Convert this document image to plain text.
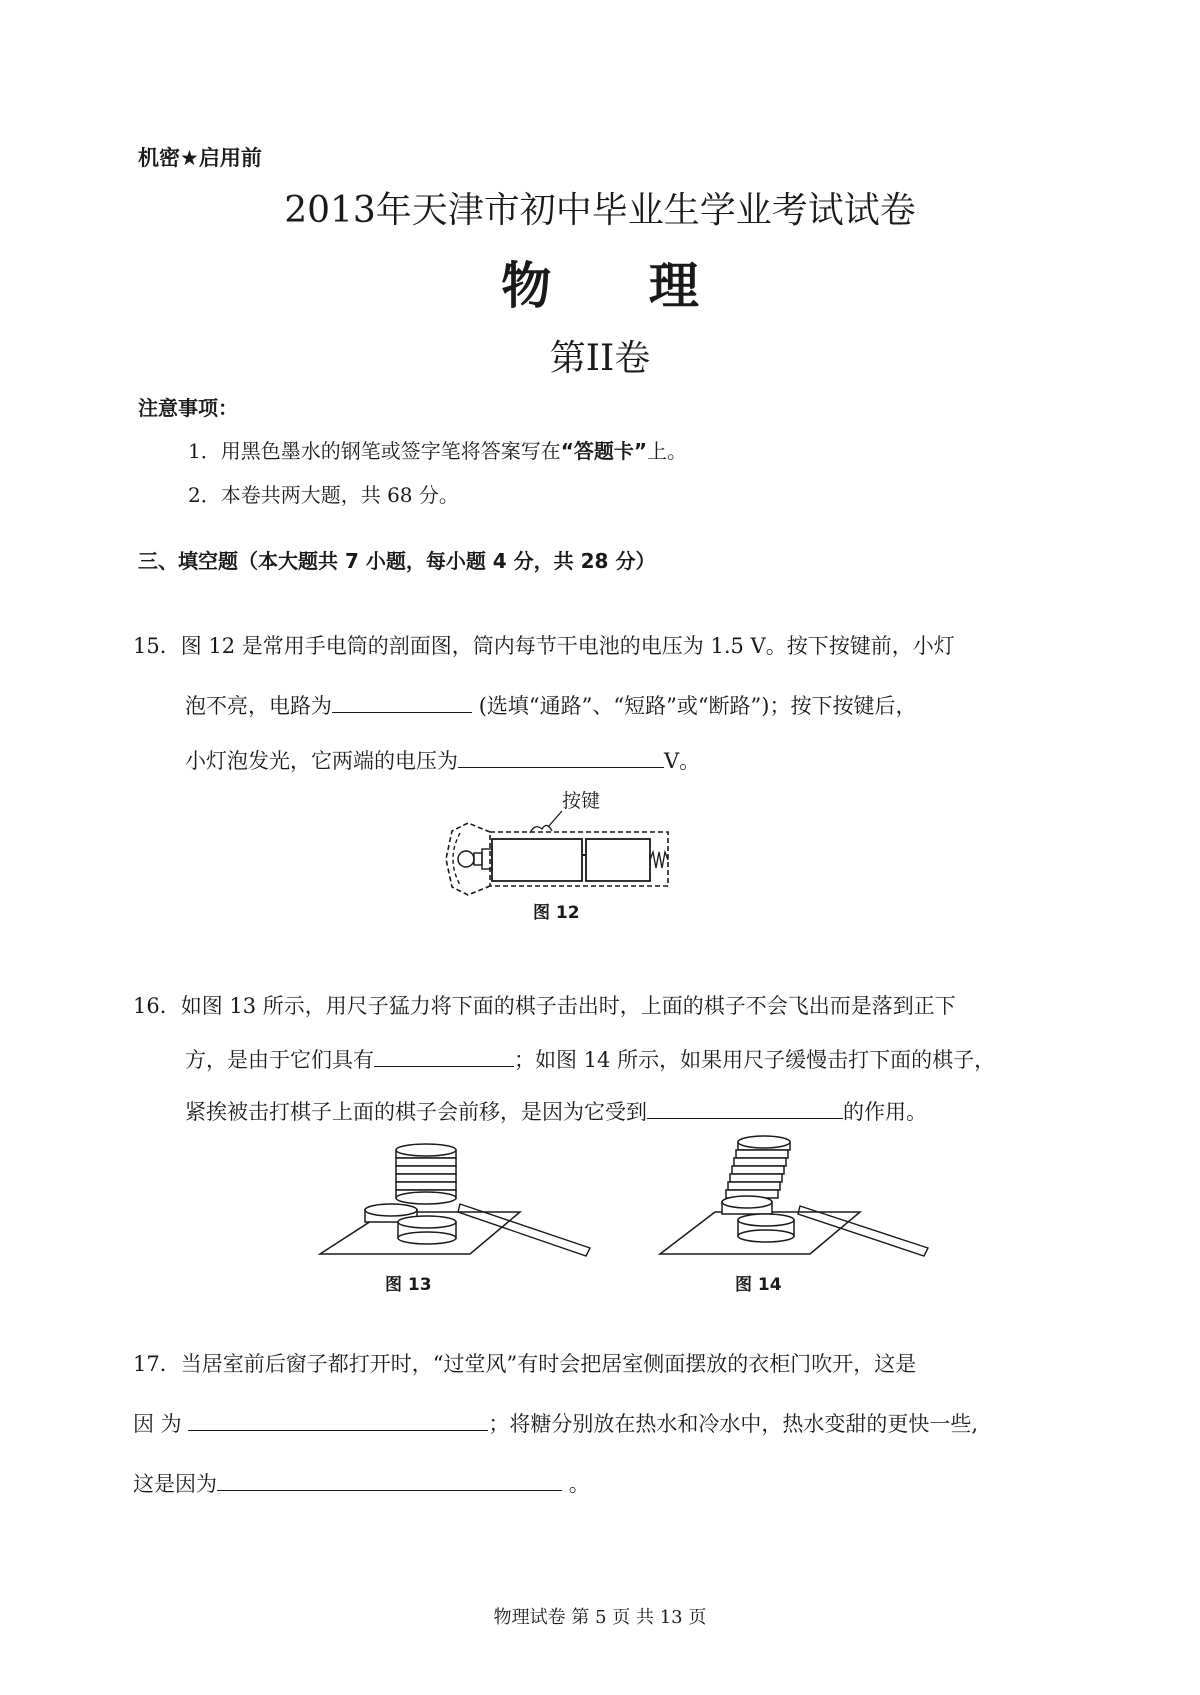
机密★启用前
2013年天津市初中毕业生学业考试试卷
物 理
第II卷
注意事项：
1．用黑色墨水的钢笔或签字笔将答案写在“答题卡”上。
2．本卷共两大题，共 68 分。
三、填空题（本大题共 7 小题，每小题 4 分，共 28 分）
15．图 12 是常用手电筒的剖面图，筒内每节干电池的电压为 1.5 V。按下按键前，小灯
泡不亮，电路为	(选填“通路”、“短路”或“断路”)；按下按键后，
小灯泡发光，它两端的电压为	V。
按键
图 12
16．如图 13 所示，用尺子猛力将下面的棋子击出时，上面的棋子不会飞出而是落到正下
方，是由于它们具有	；如图 14 所示，如果用尺子缓慢击打下面的棋子，
紧挨被击打棋子上面的棋子会前移，是因为它受到	的作用。
图 13	图 14
17．当居室前后窗子都打开时，“过堂风”有时会把居室侧面摆放的衣柜门吹开，这是
因 为	；将糖分别放在热水和冷水中，热水变甜的更快一些,
这是因为	。
物理试卷 第 5 页 共 13 页
